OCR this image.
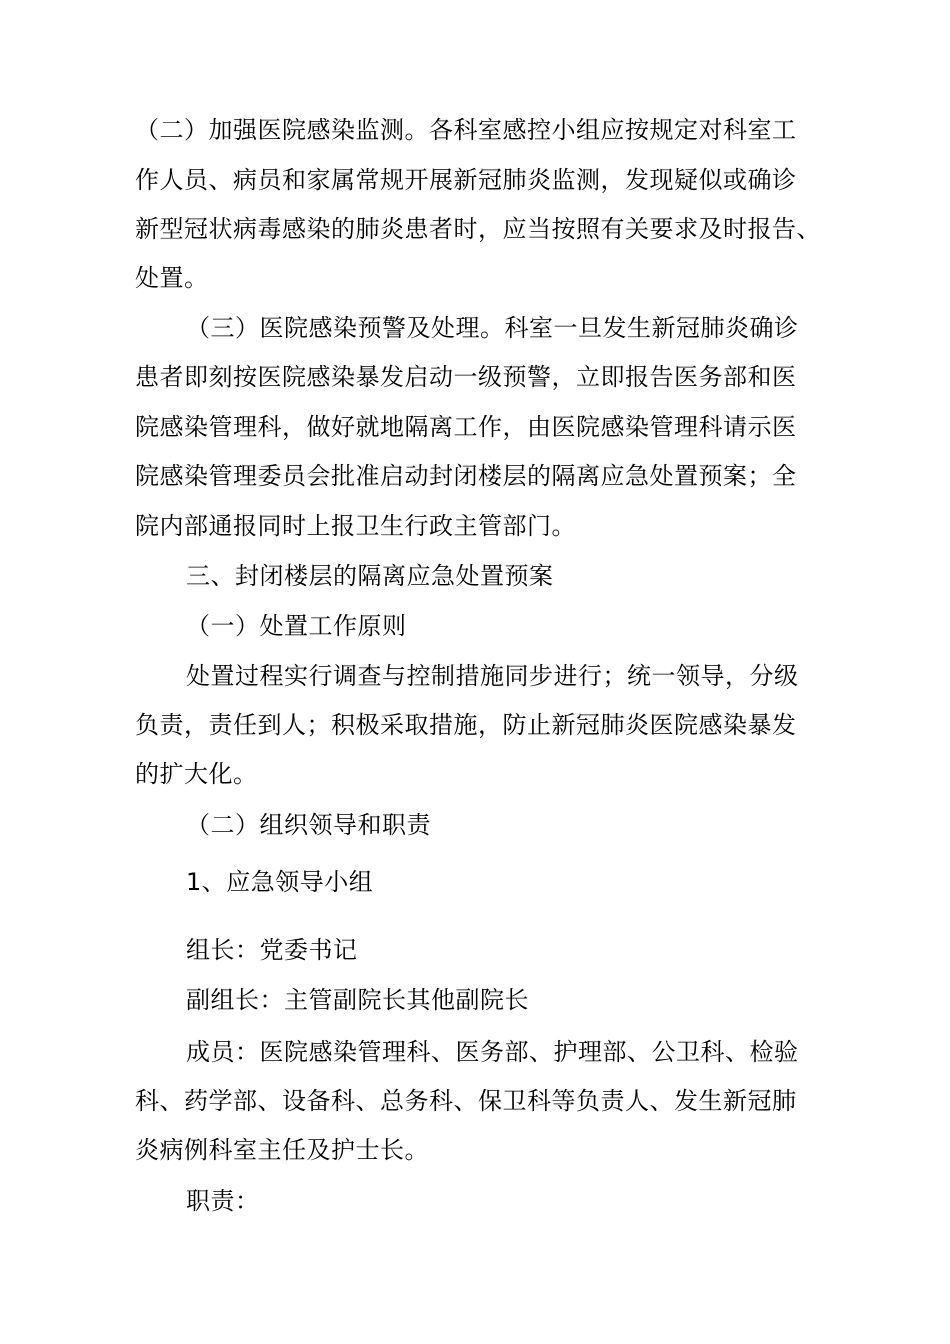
（二）加强医院感染监测。各科室感控小组应按规定对科室工
作人员、病员和家属常规开展新冠肺炎监测，发现疑似或确诊
新型冠状病毒感染的肺炎患者时，应当按照有关要求及时报告、
处置。
（三）医院感染预警及处理。科室一旦发生新冠肺炎确诊
患者即刻按医院感染暴发启动一级预警，立即报告医务部和医
院感染管理科，做好就地隔离工作，由医院感染管理科请示医
院感染管理委员会批准启动封闭楼层的隔离应急处置预案；全
院内部通报同时上报卫生行政主管部门。
三、封闭楼层的隔离应急处置预案
（一）处置工作原则
处置过程实行调查与控制措施同步进行；统一领导，分级
负责，责任到人；积极采取措施，防止新冠肺炎医院感染暴发
的扩大化。
（二）组织领导和职责
1、应急领导小组
组长：党委书记
副组长：主管副院长其他副院长
成员：医院感染管理科、医务部、护理部、公卫科、检验
科、药学部、设备科、总务科、保卫科等负责人、发生新冠肺
炎病例科室主任及护士长。
职责：
